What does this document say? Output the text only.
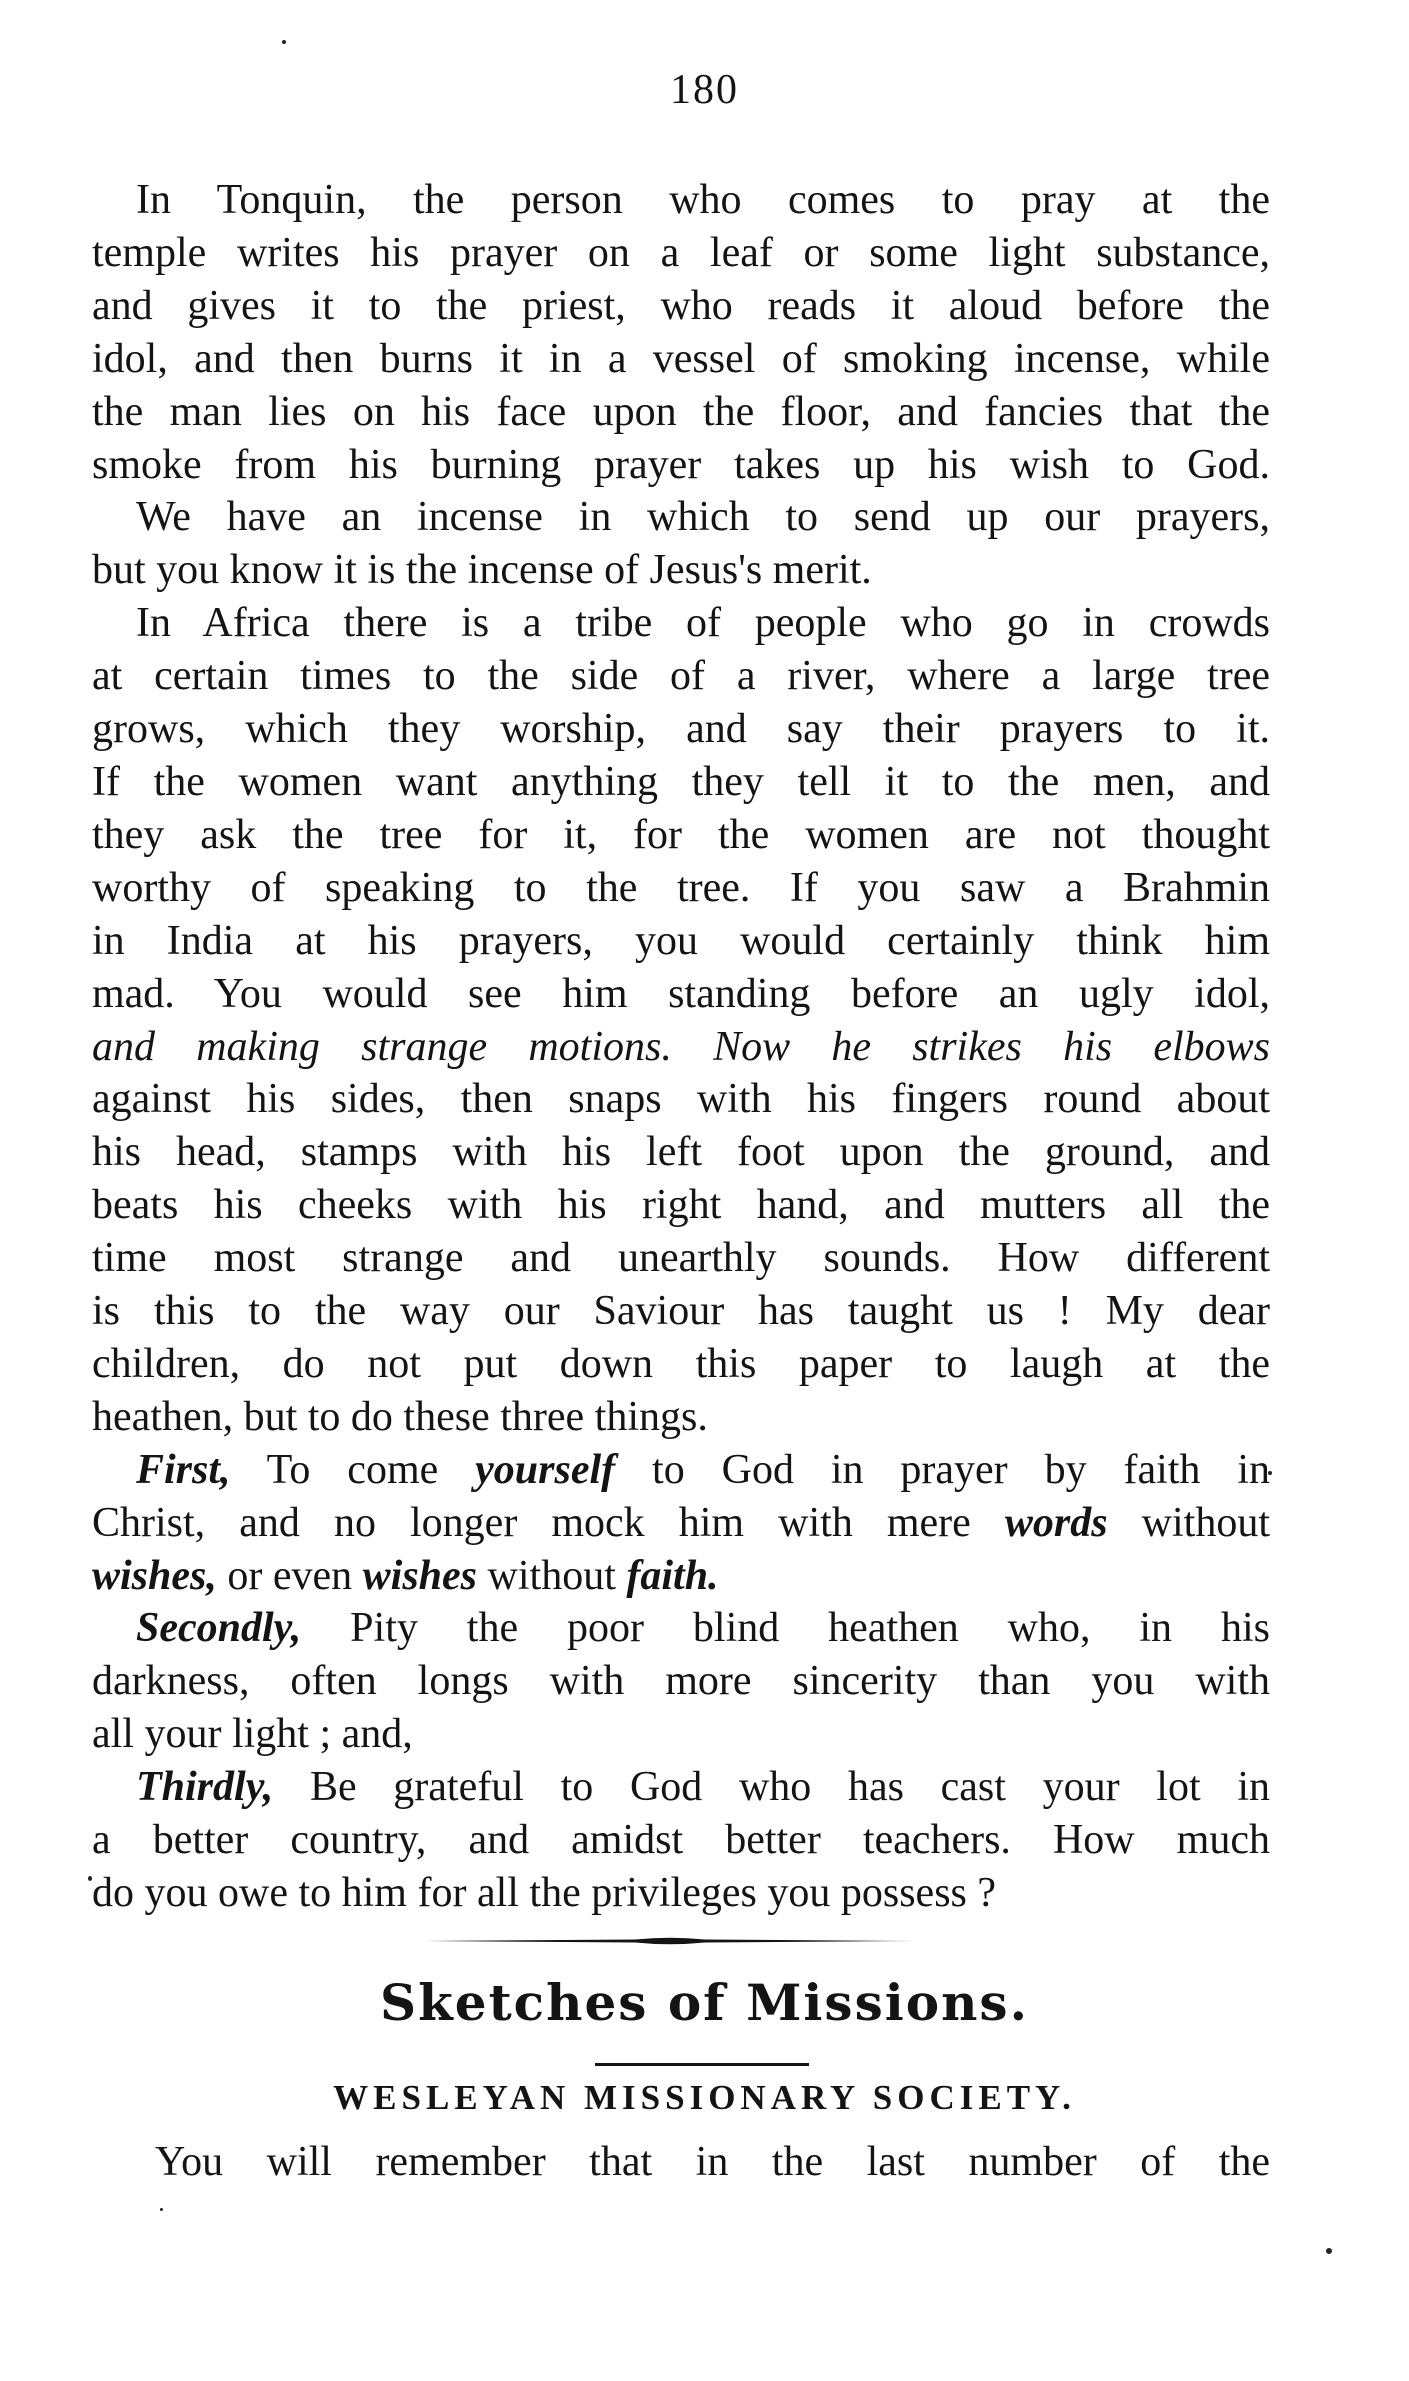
180
In Tonquin, the person who comes to pray at the
temple writes his prayer on a leaf or some light substance,
and gives it to the priest, who reads it aloud before the
idol, and then burns it in a vessel of smoking incense, while
the man lies on his face upon the floor, and fancies that the
smoke from his burning prayer takes up his wish to God.
We have an incense in which to send up our prayers,
but you know it is the incense of Jesus's merit.
In Africa there is a tribe of people who go in crowds
at certain times to the side of a river, where a large tree
grows, which they worship, and say their prayers to it.
If the women want anything they tell it to the men, and
they ask the tree for it, for the women are not thought
worthy of speaking to the tree. If you saw a Brahmin
in India at his prayers, you would certainly think him
mad. You would see him standing before an ugly idol,
and making strange motions. Now he strikes his elbows
against his sides, then snaps with his fingers round about
his head, stamps with his left foot upon the ground, and
beats his cheeks with his right hand, and mutters all the
time most strange and unearthly sounds. How different
is this to the way our Saviour has taught us ! My dear
children, do not put down this paper to laugh at the
heathen, but to do these three things.
First, To come yourself to God in prayer by faith in
Christ, and no longer mock him with mere words without
wishes, or even wishes without faith.
Secondly, Pity the poor blind heathen who, in his
darkness, often longs with more sincerity than you with
all your light ; and,
Thirdly, Be grateful to God who has cast your lot in
a better country, and amidst better teachers. How much
do you owe to him for all the privileges you possess ?
Sketches of Missions.
WESLEYAN MISSIONARY SOCIETY.
You will remember that in the last number of the
